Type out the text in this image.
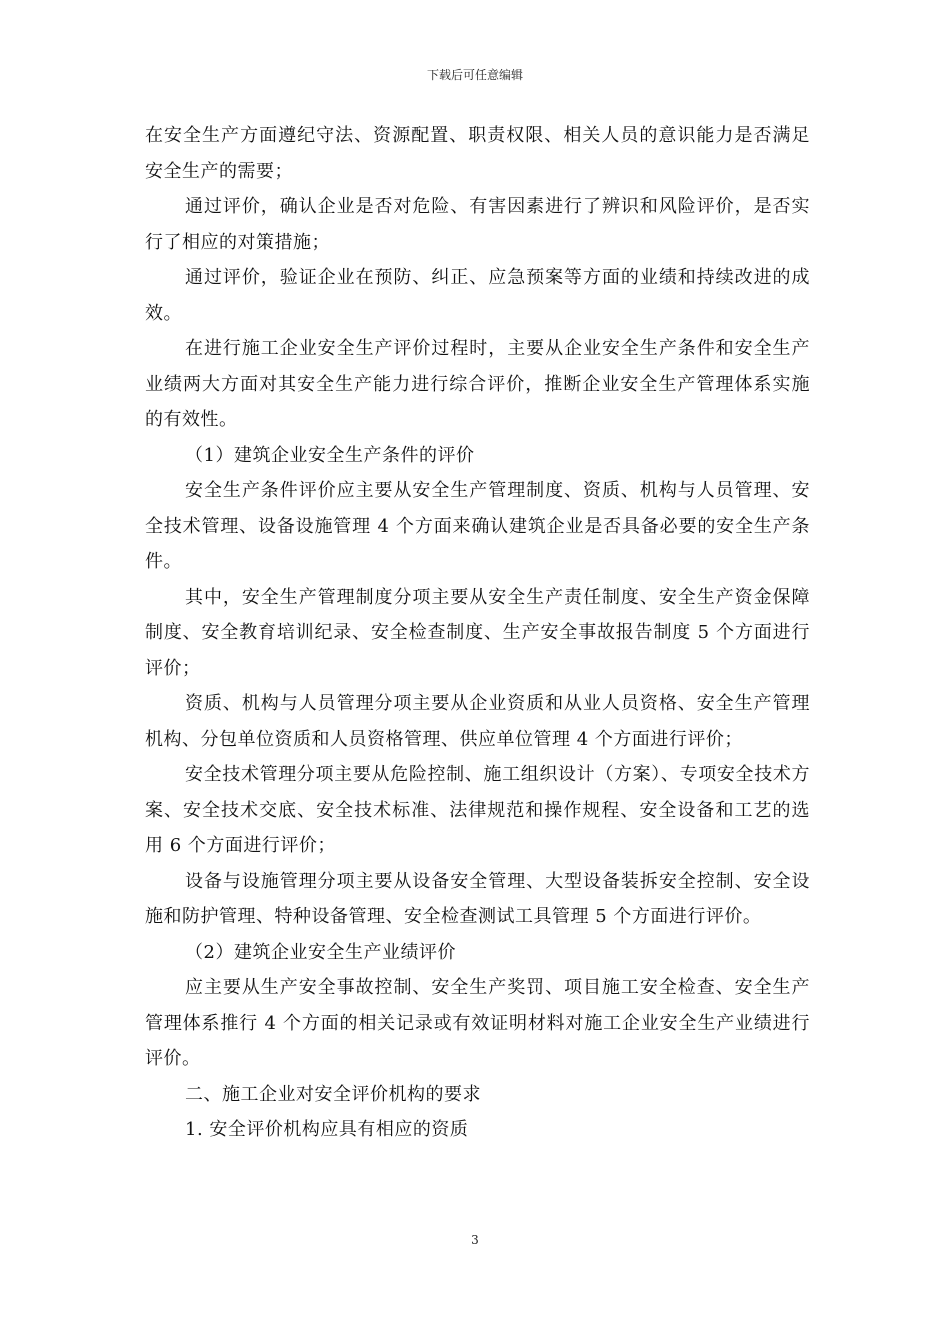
下载后可任意编辑

在安全生产方面遵纪守法、资源配置、职责权限、相关人员的意识能力是否满足安全生产的需要；

通过评价，确认企业是否对危险、有害因素进行了辨识和风险评价，是否实行了相应的对策措施；

通过评价，验证企业在预防、纠正、应急预案等方面的业绩和持续改进的成效。

在进行施工企业安全生产评价过程时，主要从企业安全生产条件和安全生产业绩两大方面对其安全生产能力进行综合评价，推断企业安全生产管理体系实施的有效性。

（1）建筑企业安全生产条件的评价

安全生产条件评价应主要从安全生产管理制度、资质、机构与人员管理、安全技术管理、设备设施管理 4 个方面来确认建筑企业是否具备必要的安全生产条件。

其中，安全生产管理制度分项主要从安全生产责任制度、安全生产资金保障制度、安全教育培训纪录、安全检查制度、生产安全事故报告制度 5 个方面进行评价；

资质、机构与人员管理分项主要从企业资质和从业人员资格、安全生产管理机构、分包单位资质和人员资格管理、供应单位管理 4 个方面进行评价；

安全技术管理分项主要从危险控制、施工组织设计（方案）、专项安全技术方案、安全技术交底、安全技术标准、法律规范和操作规程、安全设备和工艺的选用 6 个方面进行评价；

设备与设施管理分项主要从设备安全管理、大型设备装拆安全控制、安全设施和防护管理、特种设备管理、安全检查测试工具管理 5 个方面进行评价。

（2）建筑企业安全生产业绩评价

应主要从生产安全事故控制、安全生产奖罚、项目施工安全检查、安全生产管理体系推行 4 个方面的相关记录或有效证明材料对施工企业安全生产业绩进行评价。

二、施工企业对安全评价机构的要求

1. 安全评价机构应具有相应的资质

3
